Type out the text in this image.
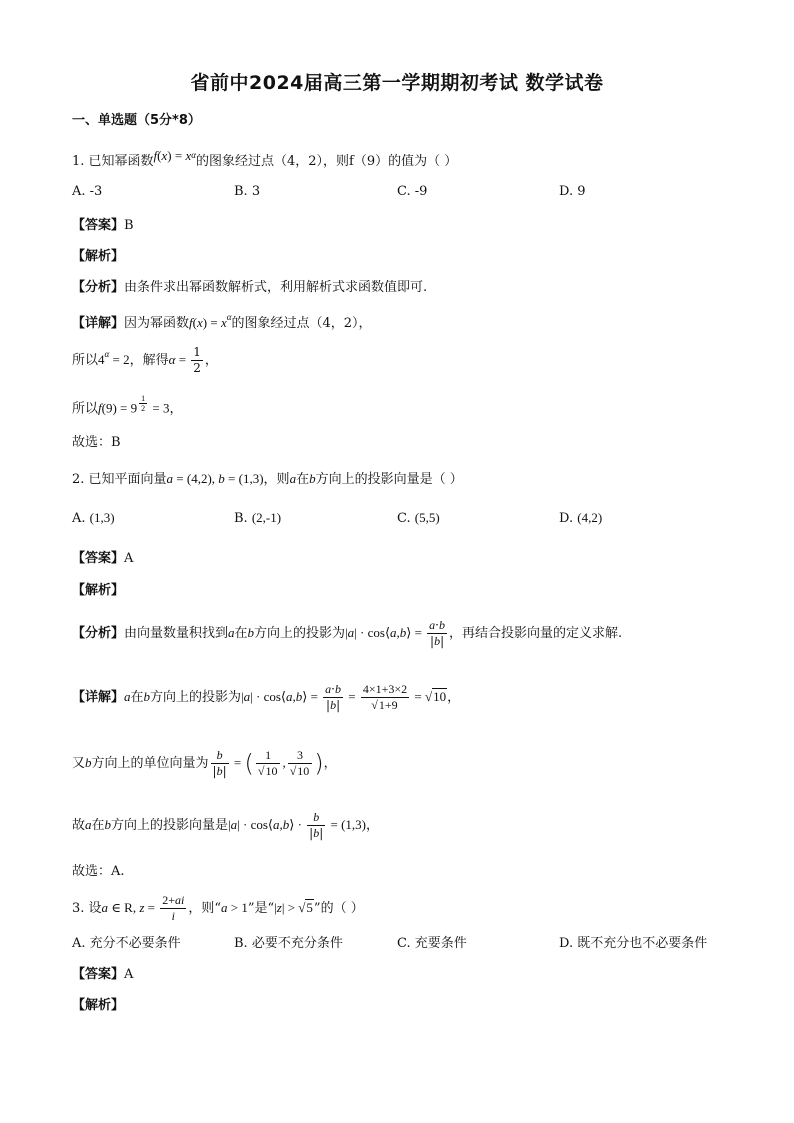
省前中2024届高三第一学期期初考试 数学试卷
一、单选题（5分*8）
1. 已知幂函数$f(x) = x^\alpha$的图象经过点（4，2），则f（9）的值为（ ）
A. -3	B. 3	C. -9	D. 9
【答案】B
【解析】
【分析】由条件求出幂函数解析式，利用解析式求函数值即可.
【详解】因为幂函数$f(x) = x^\alpha$的图象经过点（4，2），
所以$4^\alpha = 2$，解得$\alpha = \frac{1}{2}$ ，
所以f(9) = 9 $^{\frac{1}{2}}$ = 3，
故选：B
2. 已知平面向量a = (4,2), b = (1,3)，则a在b方向上的投影向量是（ ）
A. (1,3)	B. (2,-1)	C. (5,5)	D. (4,2)
【答案】A
【解析】
【分析】由向量数量积找到a在b方向上的投影为|a| · cos⟨a,b⟩ = $\frac{a\cdot b}{|b|}$ ，再结合投影向量的定义求解.
【详解】a在b方向上的投影为|a| · cos⟨a,b⟩ = $\frac{a\cdot b}{|b|} = \frac{4\times 1+3\times 2}{√1+9} = √10$，
又b方向上的单位向量为 $\frac{b}{|b|}$ = ( $\frac{1}{√10}$ , $\frac{3}{√10}$ )，
故a在b方向上的投影向量是|a| · cos⟨a,b⟩ · $\frac{b}{|b|} = (1,3)$，
故选：A.
3. 设a ∈ R, $z = \frac{2+ai}{i}$ ，则“a > 1”是“|z| > √5”的（ ）
A. 充分不必要条件	B. 必要不充分条件	C. 充要条件	D. 既不充分也不必要条件
【答案】A
【解析】
